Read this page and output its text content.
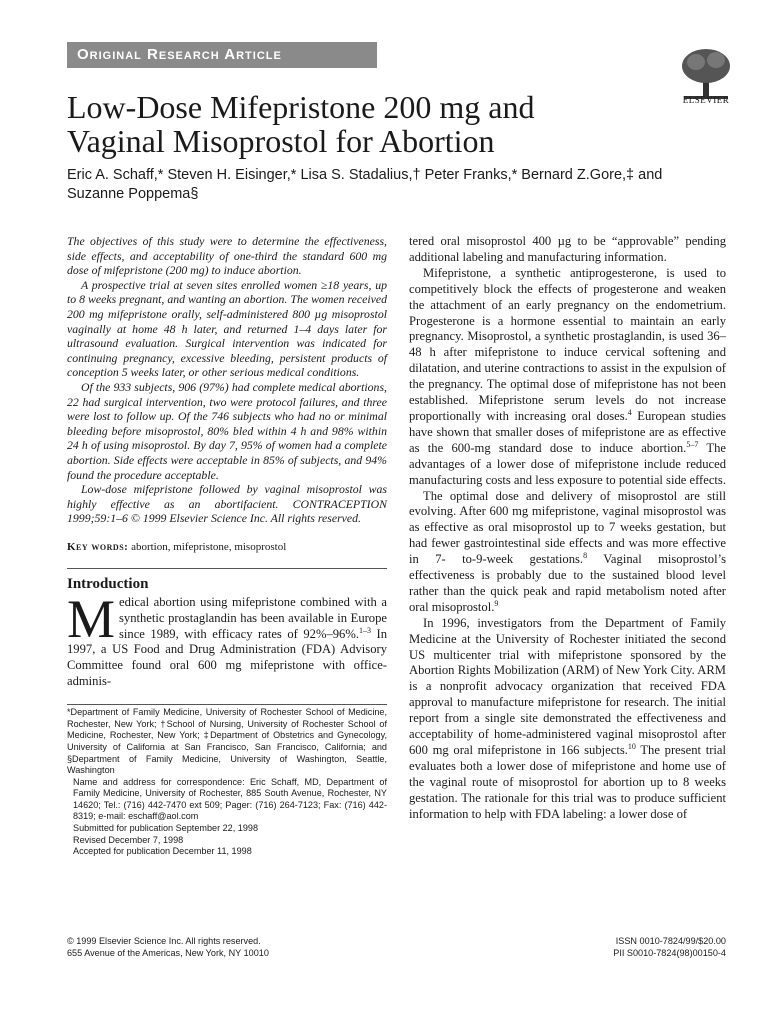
Original Research Article
ELSEVIER
Low-Dose Mifepristone 200 mg and
Vaginal Misoprostol for Abortion
Eric A. Schaff,* Steven H. Eisinger,* Lisa S. Stadalius,† Peter Franks,* Bernard Z.Gore,‡ and
Suzanne Poppema§

The objectives of this study were to determine the effectiveness, side effects, and acceptability of one-third the standard 600 mg dose of mifepristone (200 mg) to induce abortion.

A prospective trial at seven sites enrolled women ≥18 years, up to 8 weeks pregnant, and wanting an abortion. The women received 200 mg mifepristone orally, self-administered 800 µg misoprostol vaginally at home 48 h later, and returned 1–4 days later for ultrasound evaluation. Surgical intervention was indicated for continuing pregnancy, excessive bleeding, persistent products of conception 5 weeks later, or other serious medical conditions.

Of the 933 subjects, 906 (97%) had complete medical abortions, 22 had surgical intervention, two were protocol failures, and three were lost to follow up. Of the 746 subjects who had no or minimal bleeding before misoprostol, 80% bled within 4 h and 98% within 24 h of using misoprostol. By day 7, 95% of women had a complete abortion. Side effects were acceptable in 85% of subjects, and 94% found the procedure acceptable.

Low-dose mifepristone followed by vaginal misoprostol was highly effective as an abortifacient. CONTRACEPTION 1999;59:1–6 © 1999 Elsevier Science Inc. All rights reserved.

Key words: abortion, mifepristone, misoprostol
Introduction

Medical abortion using mifepristone combined with a synthetic prostaglandin has been available in Europe since 1989, with efficacy rates of 92%–96%.$^{1-3}$ In 1997, a US Food and Drug Administration (FDA) Advisory Committee found oral 600 mg mifepristone with office-adminis-

*Department of Family Medicine, University of Rochester School of Medicine, Rochester, New York; †School of Nursing, University of Rochester School of Medicine, Rochester, New York; ‡Department of Obstetrics and Gynecology, University of California at San Francisco, San Francisco, California; and §Department of Family Medicine, University of Washington, Seattle, Washington

Name and address for correspondence: Eric Schaff, MD, Department of Family Medicine, University of Rochester, 885 South Avenue, Rochester, NY 14620; Tel.: (716) 442-7470 ext 509; Pager: (716) 264-7123; Fax: (716) 442-8319; e-mail: eschaff@aol.com

Submitted for publication September 22, 1998

Revised December 7, 1998

Accepted for publication December 11, 1998

tered oral misoprostol 400 µg to be “approvable” pending additional labeling and manufacturing information.

Mifepristone, a synthetic antiprogesterone, is used to competitively block the effects of progesterone and weaken the attachment of an early pregnancy on the endometrium. Progesterone is a hormone essential to maintain an early pregnancy. Misoprostol, a synthetic prostaglandin, is used 36–48 h after mifepristone to induce cervical softening and dilatation, and uterine contractions to assist in the expulsion of the pregnancy. The optimal dose of mifepristone has not been established. Mifepristone serum levels do not increase proportionally with increasing oral doses.$^4$ European studies have shown that smaller doses of mifepristone are as effective as the 600-mg standard dose to induce abortion.$^{5-7}$ The advantages of a lower dose of mifepristone include reduced manufacturing costs and less exposure to potential side effects.

The optimal dose and delivery of misoprostol are still evolving. After 600 mg mifepristone, vaginal misoprostol was as effective as oral misoprostol up to 7 weeks gestation, but had fewer gastrointestinal side effects and was more effective in 7- to-9-week gestations.$^8$ Vaginal misoprostol’s effectiveness is probably due to the sustained blood level rather than the quick peak and rapid metabolism noted after oral misoprostol.$^9$

In 1996, investigators from the Department of Family Medicine at the University of Rochester initiated the second US multicenter trial with mifepristone sponsored by the Abortion Rights Mobilization (ARM) of New York City. ARM is a nonprofit advocacy organization that received FDA approval to manufacture mifepristone for research. The initial report from a single site demonstrated the effectiveness and acceptability of home-administered vaginal misoprostol after 600 mg oral mifepristone in 166 subjects.$^{10}$ The present trial evaluates both a lower dose of mifepristone and home use of the vaginal route of misoprostol for abortion up to 8 weeks gestation. The rationale for this trial was to produce sufficient information to help with FDA labeling: a lower dose of

© 1999 Elsevier Science Inc. All rights reserved.
655 Avenue of the Americas, New York, NY 10010
ISSN 0010-7824/99/$20.00
PII S0010-7824(98)00150-4
